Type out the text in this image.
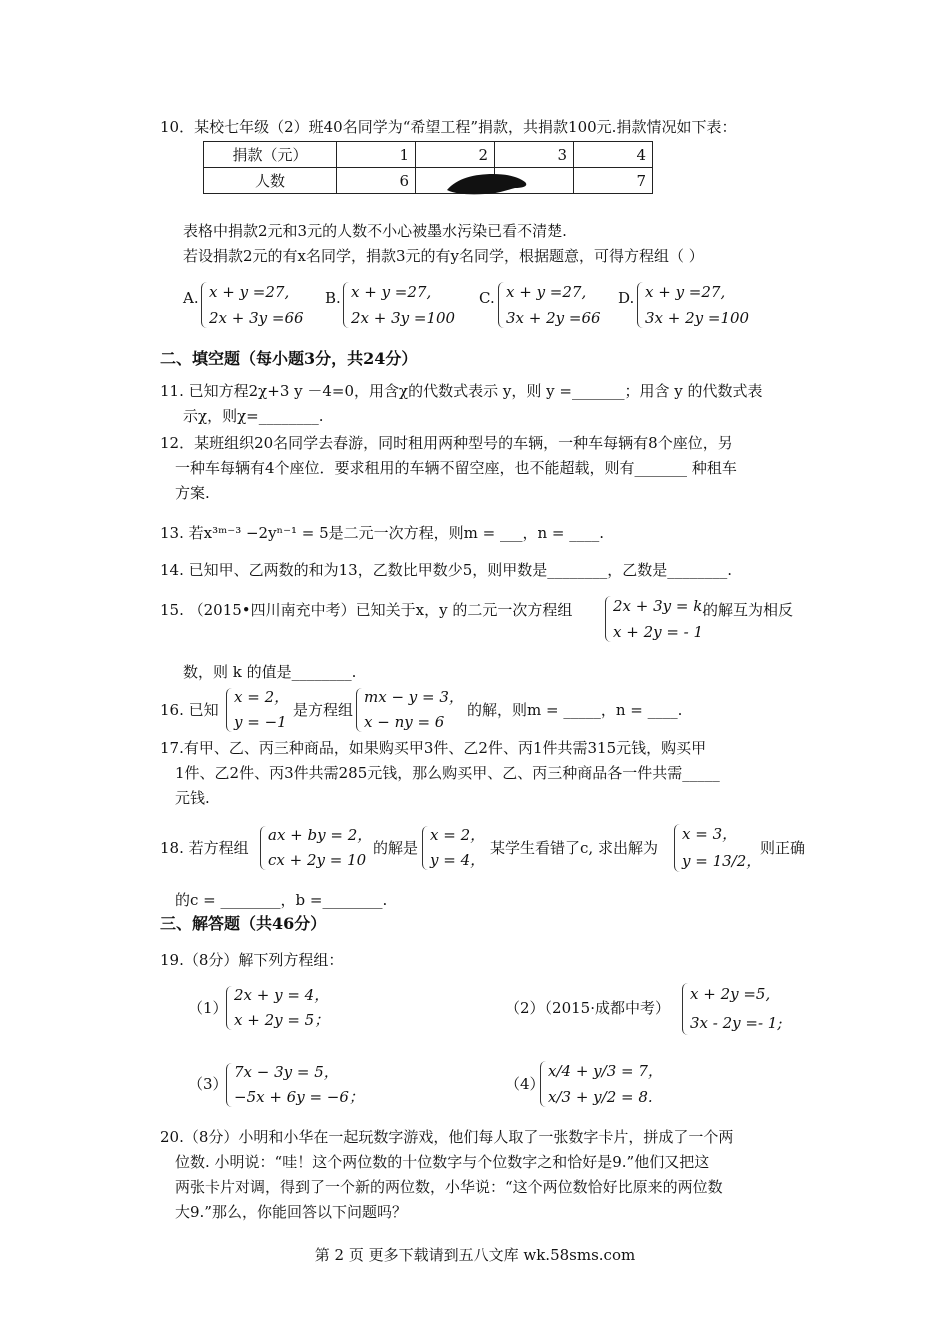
10．某校七年级（2）班40名同学为“希望工程”捐款，共捐款100元.捐款情况如下表：
捐款（元）	1	2	3	4
人数	6			7
表格中捐款2元和3元的人数不小心被墨水污染已看不清楚.
若设捐款2元的有x名同学，捐款3元的有y名同学，根据题意，可得方程组（ ）
A. x + y =27,
2x + 3y =66
B. x + y =27,
2x + 3y =100
C. x + y =27,
3x + 2y =66
D. x + y =27,
3x + 2y =100
二、填空题（每小题3分，共24分）
11. 已知方程2χ+3 y －4=0，用含χ的代数式表示 y，则 y =_______；用含 y 的代数式表
示χ，则χ=________.
12．某班组织20名同学去春游，同时租用两种型号的车辆，一种车每辆有8个座位，另
一种车每辆有4个座位．要求租用的车辆不留空座，也不能超载，则有_______ 种租车
方案.
13. 若x³ᵐ⁻³ −2yⁿ⁻¹ = 5是二元一次方程，则m = ___，n = ____.
14. 已知甲、乙两数的和为13，乙数比甲数少5，则甲数是________，乙数是________.
15. （2015•四川南充中考）已知关于x，y 的二元一次方程组	2x + 3y = k,
x + 2y = - 1
的解互为相反
数，则 k 的值是________.
16. 已知
x = 2，
y = −1
是方程组
mx − y = 3，
x − ny = 6
的解，则m = _____，n = ____.
17.有甲、乙、丙三种商品，如果购买甲3件、乙2件、丙1件共需315元钱，购买甲
1件、乙2件、丙3件共需285元钱，那么购买甲、乙、丙三种商品各一件共需_____
元钱.
18. 若方程组
ax + by = 2，
cx + 2y = 10
的解是
x = 2，
y = 4，
某学生看错了c, 求出解为
x = 3，
y = 13/2，
则正确
的c = ________，b =________.
三、解答题（共46分）
19.（8分）解下列方程组：
（1）
2x + y = 4，
x + 2y = 5；
（2）（2015·成都中考）
x + 2y =5,
3x - 2y =- 1;
（3）
7x − 3y = 5，
−5x + 6y = −6；
（4）
x/4 + y/3 = 7，
x/3 + y/2 = 8.
20.（8分）小明和小华在一起玩数字游戏，他们每人取了一张数字卡片，拼成了一个两
位数. 小明说：“哇！这个两位数的十位数字与个位数字之和恰好是9.”他们又把这
两张卡片对调，得到了一个新的两位数，小华说：“这个两位数恰好比原来的两位数
大9.”那么，你能回答以下问题吗？
第 2 页 更多下载请到五八文库 wk.58sms.com
